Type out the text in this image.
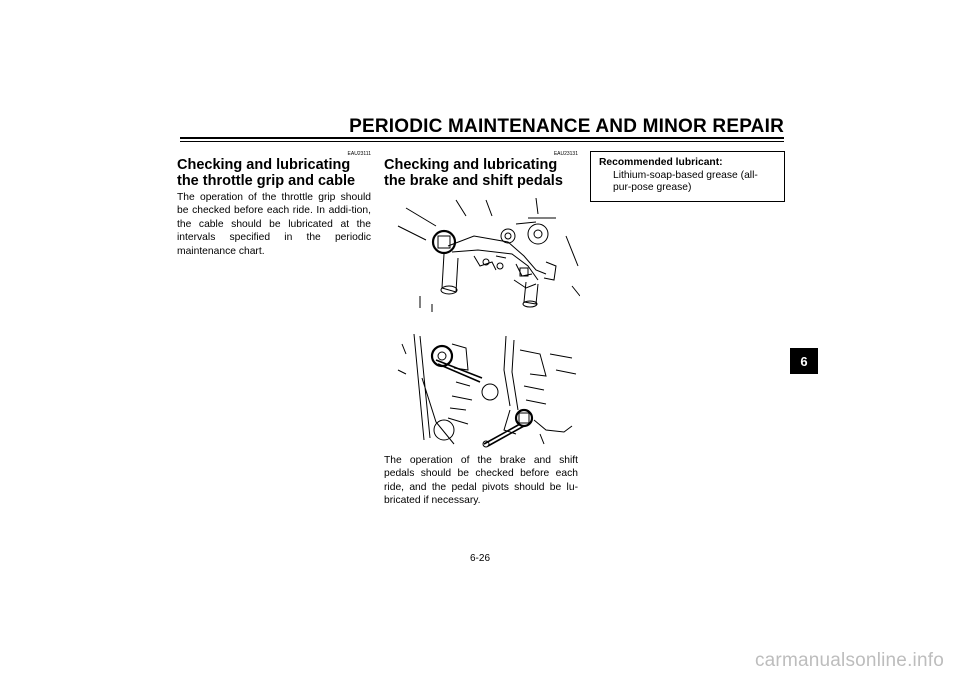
PERIODIC MAINTENANCE AND MINOR REPAIR
EAU23111
Checking and lubricating the throttle grip and cable

The operation of the throttle grip should be checked before each ride. In addi-tion, the cable should be lubricated at the intervals specified in the periodic maintenance chart.

EAU23131
Checking and lubricating the brake and shift pedals

The operation of the brake and shift pedals should be checked before each ride, and the pedal pivots should be lu-bricated if necessary.

Recommended lubricant:
Lithium-soap-based grease (all-pur-pose grease)
6
6-26
carmanualsonline.info
